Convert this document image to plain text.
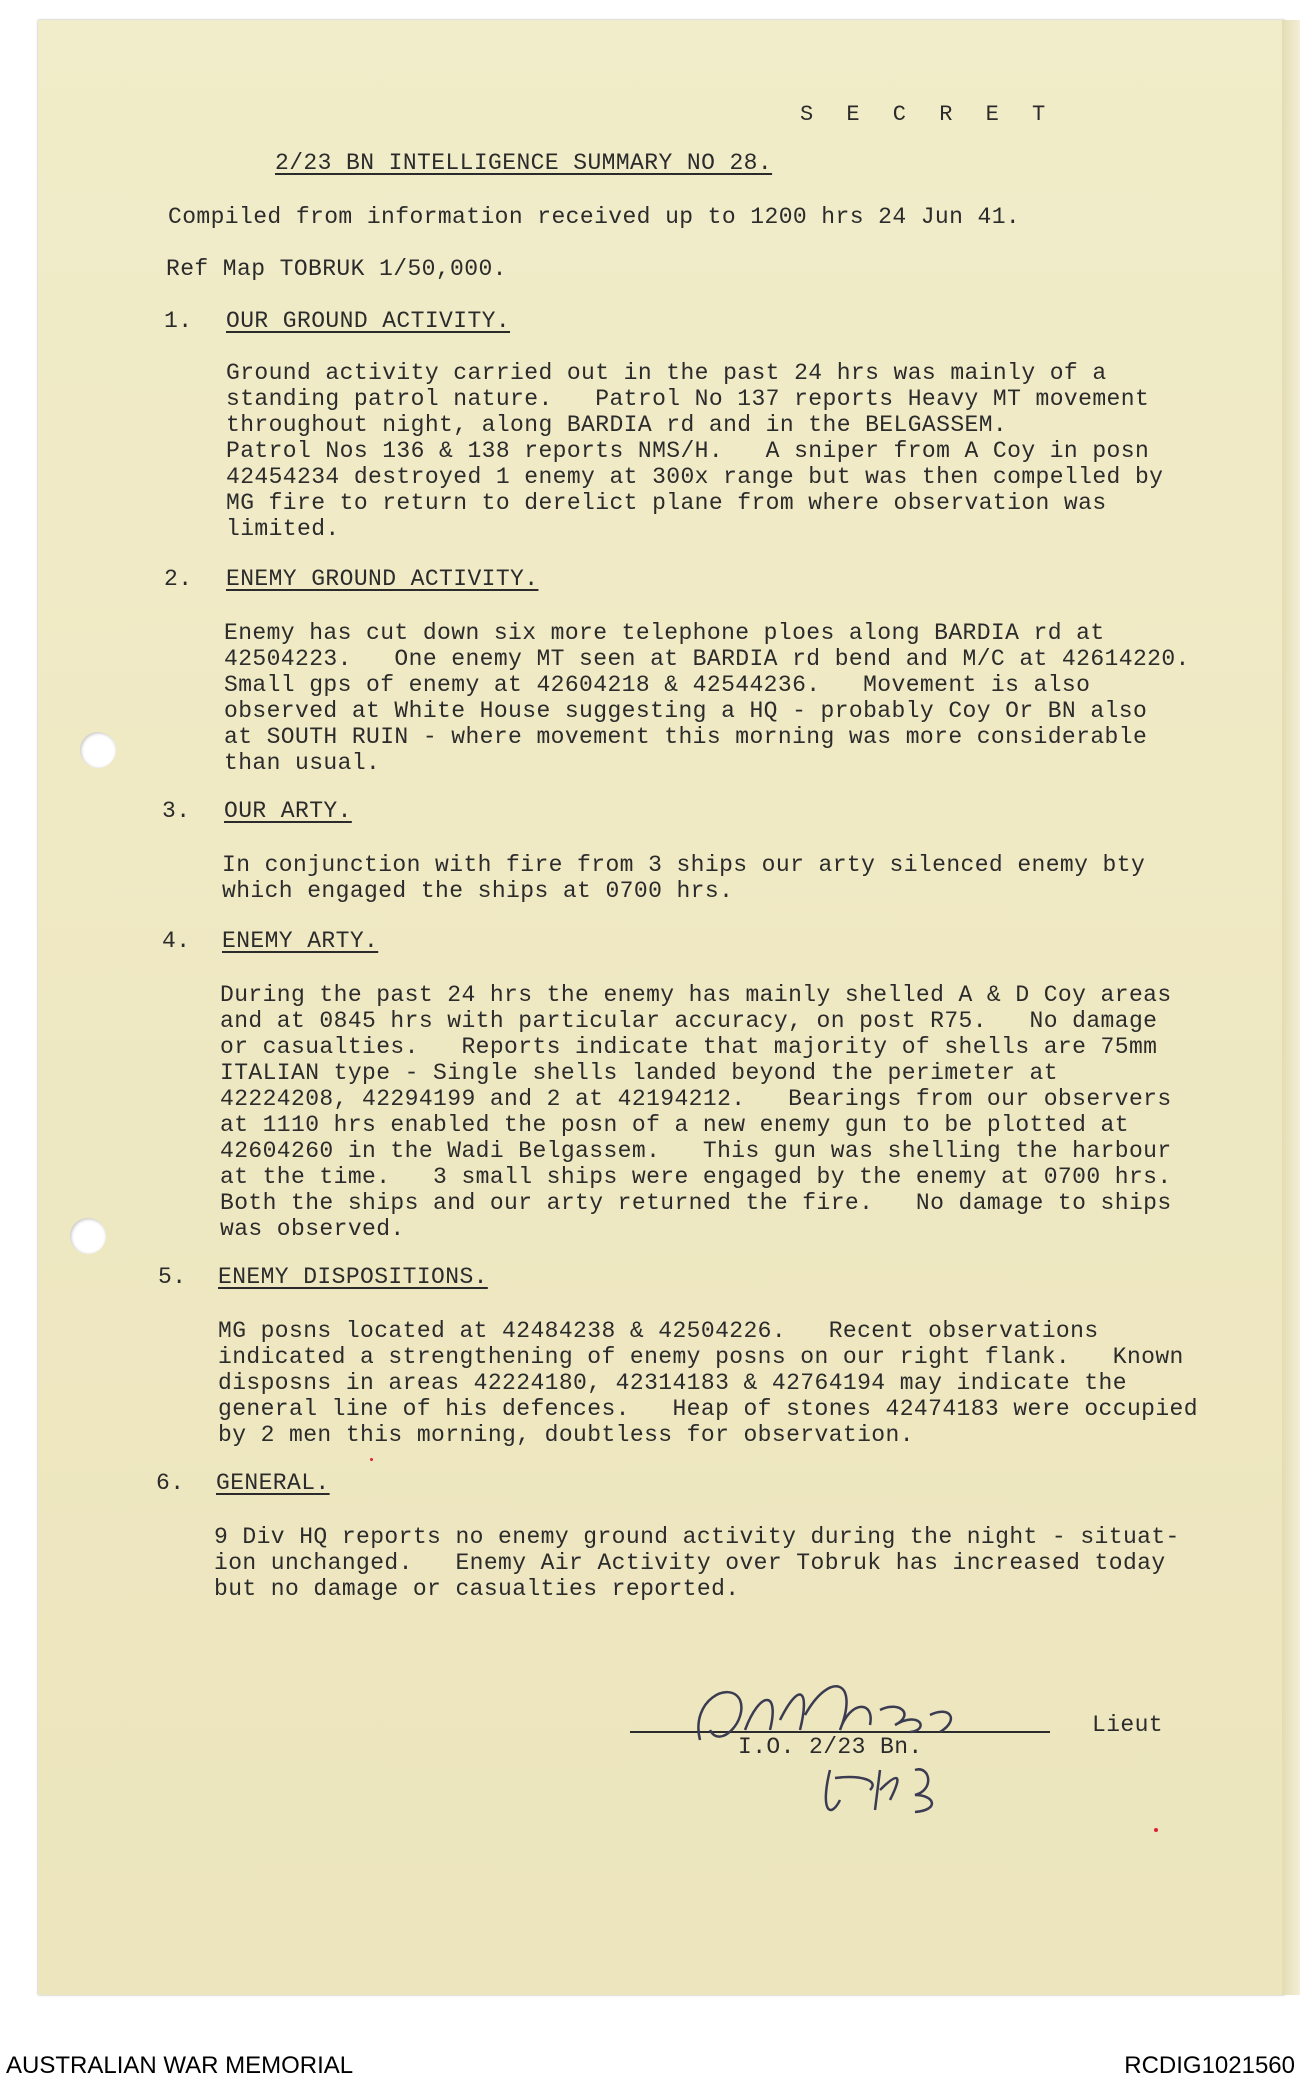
S E C R E T
2/23 BN INTELLIGENCE SUMMARY NO 28.
Compiled from information received up to 1200 hrs 24 Jun 41.
Ref Map TOBRUK 1/50,000.
1. OUR GROUND ACTIVITY.
Ground activity carried out in the past 24 hrs was mainly of a
standing patrol nature.   Patrol No 137 reports Heavy MT movement
throughout night, along BARDIA rd and in the BELGASSEM.
Patrol Nos 136 & 138 reports NMS/H.   A sniper from A Coy in posn
42454234 destroyed 1 enemy at 300x range but was then compelled by
MG fire to return to derelict plane from where observation was
limited.
2. ENEMY GROUND ACTIVITY.
Enemy has cut down six more telephone ploes along BARDIA rd at
42504223.   One enemy MT seen at BARDIA rd bend and M/C at 42614220.
Small gps of enemy at 42604218 & 42544236.   Movement is also
observed at White House suggesting a HQ - probably Coy Or BN also
at SOUTH RUIN - where movement this morning was more considerable
than usual.
3. OUR ARTY.
In conjunction with fire from 3 ships our arty silenced enemy bty
which engaged the ships at 0700 hrs.
4. ENEMY ARTY.
During the past 24 hrs the enemy has mainly shelled A & D Coy areas
and at 0845 hrs with particular accuracy, on post R75.   No damage
or casualties.   Reports indicate that majority of shells are 75mm
ITALIAN type - Single shells landed beyond the perimeter at
42224208, 42294199 and 2 at 42194212.   Bearings from our observers
at 1110 hrs enabled the posn of a new enemy gun to be plotted at
42604260 in the Wadi Belgassem.   This gun was shelling the harbour
at the time.   3 small ships were engaged by the enemy at 0700 hrs.
Both the ships and our arty returned the fire.   No damage to ships
was observed.
5. ENEMY DISPOSITIONS.
MG posns located at 42484238 & 42504226.   Recent observations
indicated a strengthening of enemy posns on our right flank.   Known
disposns in areas 42224180, 42314183 & 42764194 may indicate the
general line of his defences.   Heap of stones 42474183 were occupied
by 2 men this morning, doubtless for observation.
6. GENERAL.
9 Div HQ reports no enemy ground activity during the night - situat-
ion unchanged.   Enemy Air Activity over Tobruk has increased today
but no damage or casualties reported.
Lieut
I.O. 2/23 Bn.
AUSTRALIAN WAR MEMORIAL	RCDIG1021560
